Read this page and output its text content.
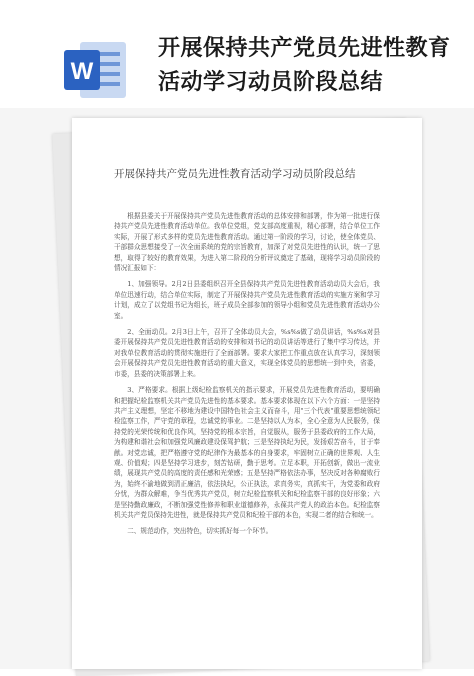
W
开展保持共产党员先进性教育
活动学习动员阶段总结
开展保持共产党员先进性教育活动学习动员阶段总结

根据县委关于开展保持共产党员先进性教育活动的总体安排和部署，作为第一批进行保持共产党员先进性教育活动单位。我单位党组，党支部高度重视，精心部署，结合单位工作实际，开展了形式多样的党员先进性教育活动。通过第一阶段的学习，讨论，使全体党员、干部群众思想接受了一次全面系统的党的宗旨教育，加深了对党员先进性的认识，统一了思想，取得了较好的教育效果，为进入第二阶段的分析评议奠定了基础，现将学习动员阶段的情况汇报如下：

1、加强领导。2月2日县委组织召开全县保持共产党员先进性教育活动动员大会后，我单位迅速行动，结合单位实际，制定了开展保持共产党员先进性教育活动的实施方案和学习计划，成立了以党组书记为组长，班子成员全部参加的领导小组和党员先进性教育活动办公室。

2、全面动员。2月3日上午，召开了全体动员大会，%s%s做了动员讲话，%s%s对县委开展保持共产党员先进性教育活动的安排和刘书记的动员讲话等进行了集中学习传达，并对我单位教育活动的贯彻实施进行了全面部署。要求大家把工作重点放在认真学习，深刻领会开展保持共产党员先进性教育活动的重大意义，实现全体党员的思想统一到中央，省委，市委，县委的决策部署上来。

3、严格要求。根据上级纪检监察机关的指示要求，开展党员先进性教育活动，要明确和把握纪检监察机关共产党员先进性的基本要求。基本要求体现在以下六个方面：一是坚持共产主义理想，坚定不移地为建设中国特色社会主义而奋斗，用"三个代表"重要思想统领纪检监察工作，严守党的章程，忠诚党的事业。二是坚持以人为本，全心全意为人民服务，保持党的光荣传统和优良作风，坚持党的根本宗旨，自觉服从，服务于县委政府的工作大局，为构建和谐社会和加强党风廉政建设保驾护航；三是坚持执纪为民，发扬艰苦奋斗，甘于奉献。对党忠诚，把严格遵守党的纪律作为最基本的自身要求，牢固树立正确的世界观、人生观、价值观；四是坚持学习进步，刻苦钻研，勤于思考。立足本职，开拓创新，做出一流业绩，展现共产党员的高度的责任感和光荣感；五是坚持严格依法办事，坚决反对各种腐败行为，始终不渝地做到清正廉洁，依法执纪，公正执法，求真务实，真抓实干，为党委和政府分忧，为群众解难，争当优秀共产党员，树立纪检监察机关和纪检监察干部的良好形象；六是坚持勤政廉政，不断加强党性修养和职业道德修养，永葆共产党人的政治本色。纪检监察机关共产党员保持先进性，就是保持共产党员和纪检干部的本色，实现二者的结合和统一。

二、规范动作，突出特色，切实抓好每一个环节。
